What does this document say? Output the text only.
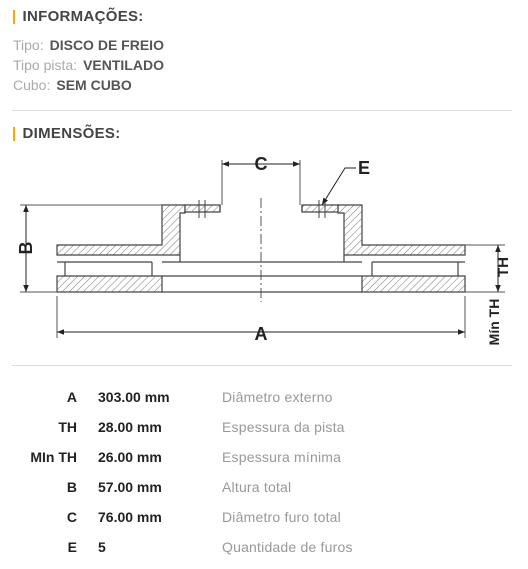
| INFORMAÇÕES:
Tipo: DISCO DE FREIO
Tipo pista: VENTILADO
Cubo: SEM CUBO
| DIMENSÕES:
C	E
A
B
TH
Mín TH
A	303.00 mm	Diâmetro externo
TH	28.00 mm	Espessura da pista
MIn TH	26.00 mm	Espessura mínima
B	57.00 mm	Altura total
C	76.00 mm	Diâmetro furo total
E	5	Quantidade de furos
